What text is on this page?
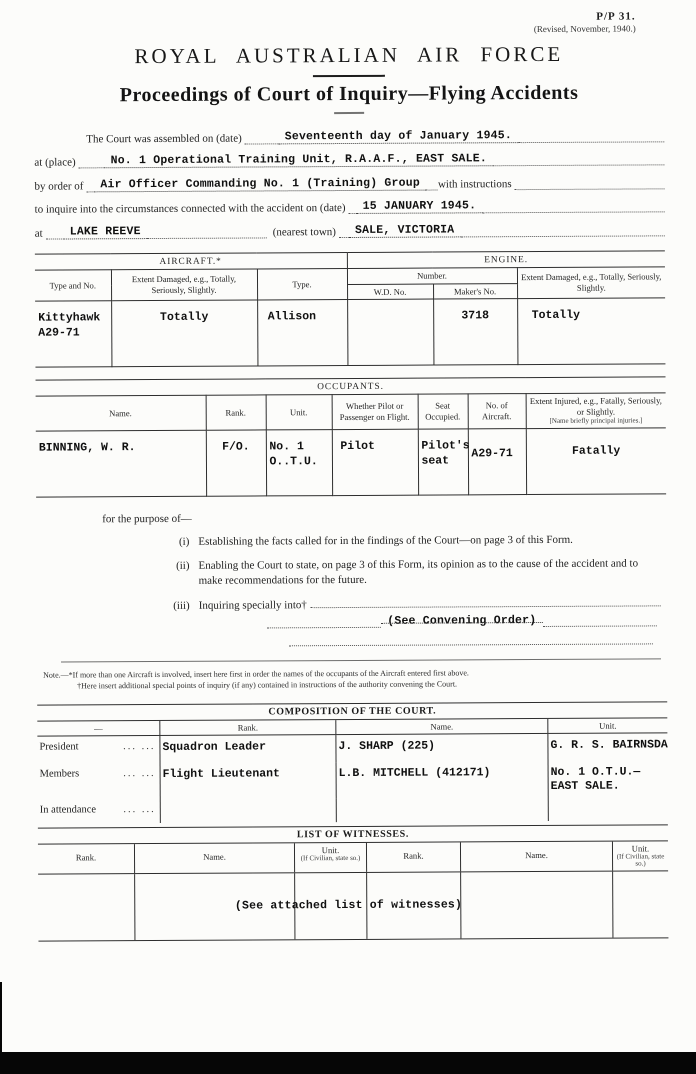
P/P 31.
(Revised, November, 1940.)
ROYAL AUSTRALIAN AIR FORCE
Proceedings of Court of Inquiry—Flying Accidents
The Court was assembled on (date)	Seventeenth day of January 1945.
at (place)	No. 1 Operational Training Unit, R.A.A.F., EAST SALE.
by order of	Air Officer Commanding No. 1 (Training) Group	with instructions
to inquire into the circumstances connected with the accident on (date)	15 JANUARY 1945.
at	LAKE REEVE	(nearest town)	SALE, VICTORIA
AIRCRAFT.*			ENGINE.		
Type and No.	Extent Damaged, e.g., Totally, Seriously, Slightly.	Type.	Number.		Extent Damaged, e.g., Totally, Seriously, Slightly.
			W.D. No.	Maker's No.	
Kittyhawk
A29-71	Totally	Allison		3718	Totally
OCCUPANTS.						
Name.	Rank.	Unit.	Whether Pilot or Passenger on Flight.	Seat Occupied.	No. of Aircraft.	Extent Injured, e.g., Fatally, Seriously, or Slightly.
[Name briefly principal injuries.]

BINNING, W. R.	F/O.	No. 1
O..T.U.	Pilot	Pilot's
seat	A29-71	Fatally
for the purpose of—
(i) Establishing the facts called for in the findings of the Court—on page 3 of this Form.
(ii) Enabling the Court to state, on page 3 of this Form, its opinion as to the cause of the accident and to make recommendations for the future.
(iii) Inquiring specially into†
(See Convening Order)
Note.—*If more than one Aircraft is involved, insert here first in order the names of the occupants of the Aircraft entered first above.
†Here insert additional special points of inquiry (if any) contained in instructions of the authority convening the Court.
COMPOSITION OF THE COURT.
—	Rank.	Name.	Unit.
President	... ... Squadron Leader	J. SHARP (225)	G. R. S. BAIRNSDA
Members	... ... Flight Lieutenant	L.B. MITCHELL (412171)	No. 1 O.T.U.—
EAST SALE.
In attendance	... ...
LIST OF WITNESSES.
Rank.	Name.
Unit.
(If Civilian, state so.)	Rank.	Name.
Unit.
(If Civilian, state so.)
(See attached list of witnesses)
